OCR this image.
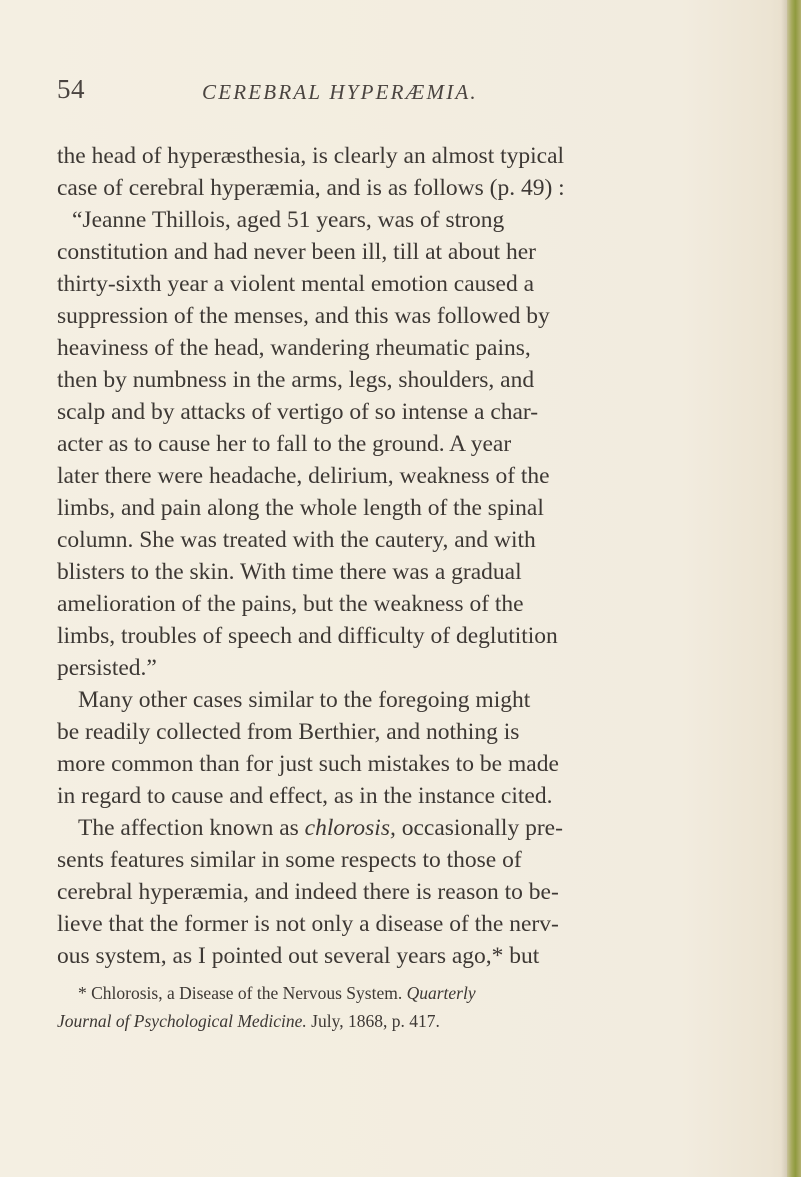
54	CEREBRAL HYPERÆMIA.
the head of hyperæsthesia, is clearly an almost typical
case of cerebral hyperæmia, and is as follows (p. 49) :
“Jeanne Thillois, aged 51 years, was of strong
constitution and had never been ill, till at about her
thirty-sixth year a violent mental emotion caused a
suppression of the menses, and this was followed by
heaviness of the head, wandering rheumatic pains,
then by numbness in the arms, legs, shoulders, and
scalp and by attacks of vertigo of so intense a char-
acter as to cause her to fall to the ground. A year
later there were headache, delirium, weakness of the
limbs, and pain along the whole length of the spinal
column. She was treated with the cautery, and with
blisters to the skin. With time there was a gradual
amelioration of the pains, but the weakness of the
limbs, troubles of speech and difficulty of deglutition
persisted.”
Many other cases similar to the foregoing might
be readily collected from Berthier, and nothing is
more common than for just such mistakes to be made
in regard to cause and effect, as in the instance cited.
The affection known as chlorosis, occasionally pre-
sents features similar in some respects to those of
cerebral hyperæmia, and indeed there is reason to be-
lieve that the former is not only a disease of the nerv-
ous system, as I pointed out several years ago,* but
* Chlorosis, a Disease of the Nervous System. Quarterly
Journal of Psychological Medicine. July, 1868, p. 417.
